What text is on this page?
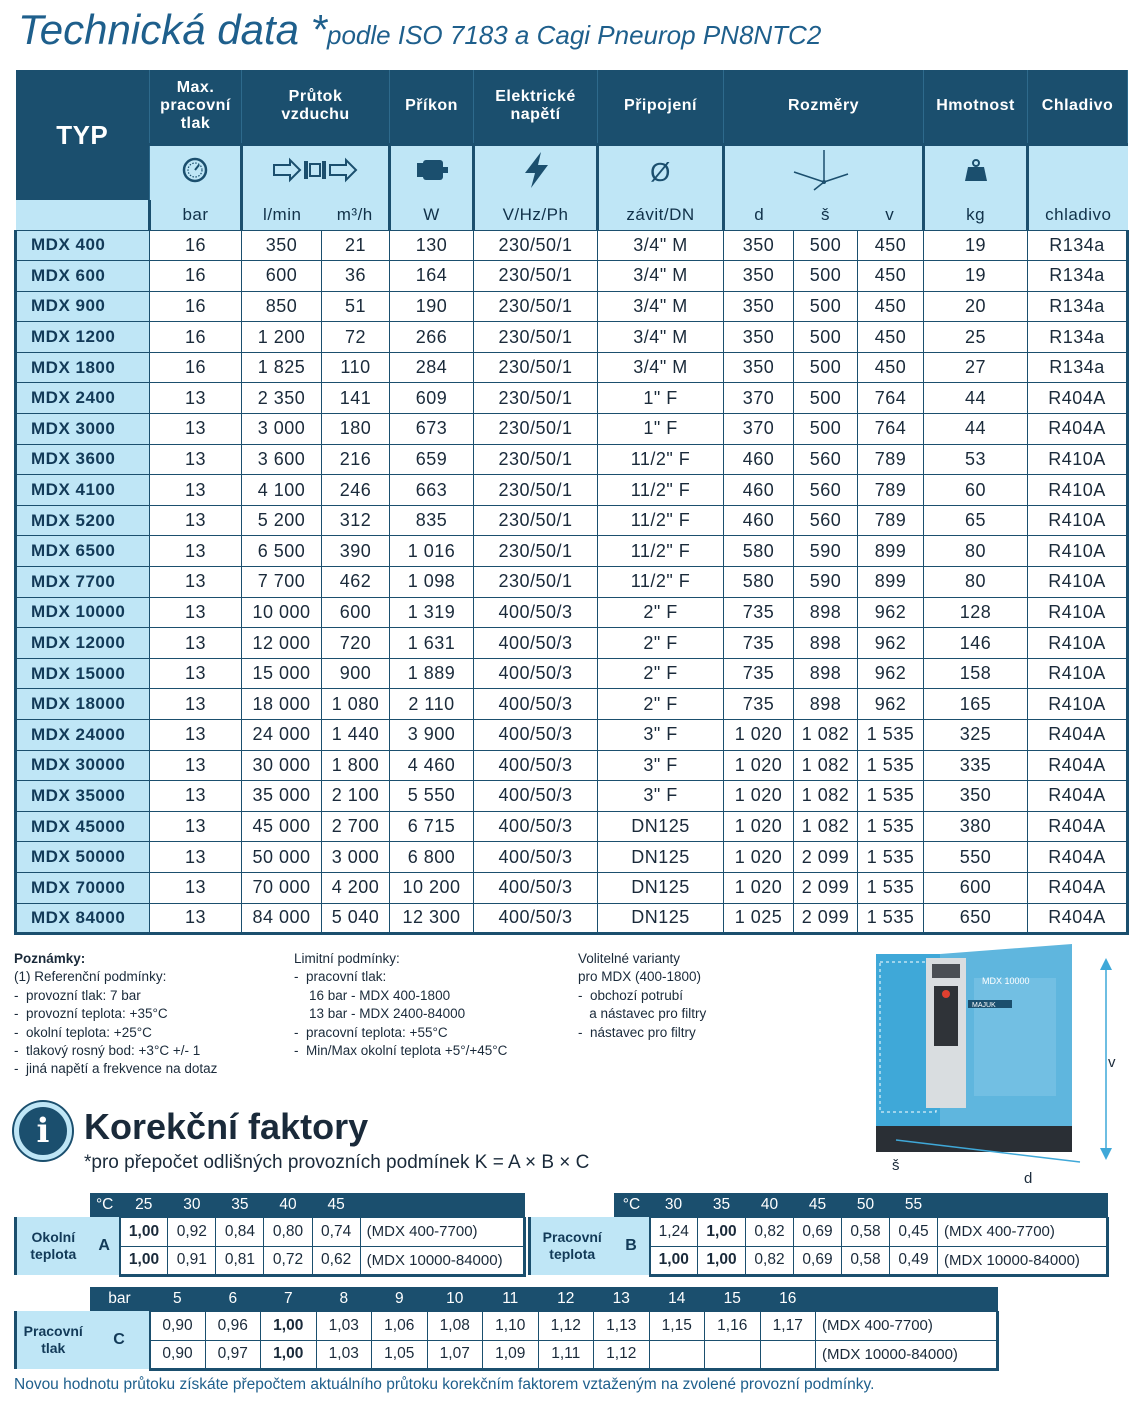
Technická data *podle ISO 7183 a Cagi Pneurop PN8NTC2
TYP	Max. pracovní tlak	Průtok vzduchu		Příkon	Elektrické napětí	Připojení	Rozměry			Hmotnost	Chladivo
				Ø			
	bar	l/min	m³/h	W	V/Hz/Ph	závit/DN	d	š	v	kg	chladivo
MDX 400	16	350	21	130	230/50/1	3/4" M	350	500	450	19	R134a
MDX 600	16	600	36	164	230/50/1	3/4" M	350	500	450	19	R134a
MDX 900	16	850	51	190	230/50/1	3/4" M	350	500	450	20	R134a
MDX 1200	16	1 200	72	266	230/50/1	3/4" M	350	500	450	25	R134a
MDX 1800	16	1 825	110	284	230/50/1	3/4" M	350	500	450	27	R134a
MDX 2400	13	2 350	141	609	230/50/1	1" F	370	500	764	44	R404A
MDX 3000	13	3 000	180	673	230/50/1	1" F	370	500	764	44	R404A
MDX 3600	13	3 600	216	659	230/50/1	11/2" F	460	560	789	53	R410A
MDX 4100	13	4 100	246	663	230/50/1	11/2" F	460	560	789	60	R410A
MDX 5200	13	5 200	312	835	230/50/1	11/2" F	460	560	789	65	R410A
MDX 6500	13	6 500	390	1 016	230/50/1	11/2" F	580	590	899	80	R410A
MDX 7700	13	7 700	462	1 098	230/50/1	11/2" F	580	590	899	80	R410A
MDX 10000	13	10 000	600	1 319	400/50/3	2" F	735	898	962	128	R410A
MDX 12000	13	12 000	720	1 631	400/50/3	2" F	735	898	962	146	R410A
MDX 15000	13	15 000	900	1 889	400/50/3	2" F	735	898	962	158	R410A
MDX 18000	13	18 000	1 080	2 110	400/50/3	2" F	735	898	962	165	R410A
MDX 24000	13	24 000	1 440	3 900	400/50/3	3" F	1 020	1 082	1 535	325	R404A
MDX 30000	13	30 000	1 800	4 460	400/50/3	3" F	1 020	1 082	1 535	335	R404A
MDX 35000	13	35 000	2 100	5 550	400/50/3	3" F	1 020	1 082	1 535	350	R404A
MDX 45000	13	45 000	2 700	6 715	400/50/3	DN125	1 020	1 082	1 535	380	R404A
MDX 50000	13	50 000	3 000	6 800	400/50/3	DN125	1 020	2 099	1 535	550	R404A
MDX 70000	13	70 000	4 200	10 200	400/50/3	DN125	1 020	2 099	1 535	600	R404A
MDX 84000	13	84 000	5 040	12 300	400/50/3	DN125	1 025	2 099	1 535	650	R404A
Poznámky:
(1) Referenční podmínky:
-  provozní tlak: 7 bar
-  provozní teplota: +35°C
-  okolní teplota: +25°C
-  tlakový rosný bod: +3°C +/- 1
-  jiná napětí a frekvence na dotaz
Limitní podmínky:
-  pracovní tlak:
16 bar - MDX 400-1800
13 bar - MDX 2400-84000
-  pracovní teplota: +55°C
-  Min/Max okolní teplota +5°/+45°C
Volitelné varianty
pro MDX (400-1800)
-  obchozí potrubí
a nástavec pro filtry
-  nástavec pro filtry
MDX 10000
MAJUK
v
š
d
i Korekční faktory
*pro přepočet odlišných provozních podmínek K = A × B × C
	°C	25	30	35	40	45	
Okolní teplota	A	1,00	0,92	0,84	0,80	0,74	(MDX 400-7700)
		1,00	0,91	0,81	0,72	0,62	(MDX 10000-84000)
	°C	30	35	40	45	50	55	
Pracovní teplota	B	1,24	1,00	0,82	0,69	0,58	0,45	(MDX 400-7700)
		1,00	1,00	0,82	0,69	0,58	0,49	(MDX 10000-84000)
	bar	5	6	7	8	9	10	11	12	13	14	15	16	
Pracovní tlak	C	0,90	0,96	1,00	1,03	1,06	1,08	1,10	1,12	1,13	1,15	1,16	1,17	(MDX 400-7700)
		0,90	0,97	1,00	1,03	1,05	1,07	1,09	1,11	1,12				(MDX 10000-84000)
Novou hodnotu průtoku získáte přepočtem aktuálního průtoku korekčním faktorem vztaženým na zvolené provozní podmínky.
